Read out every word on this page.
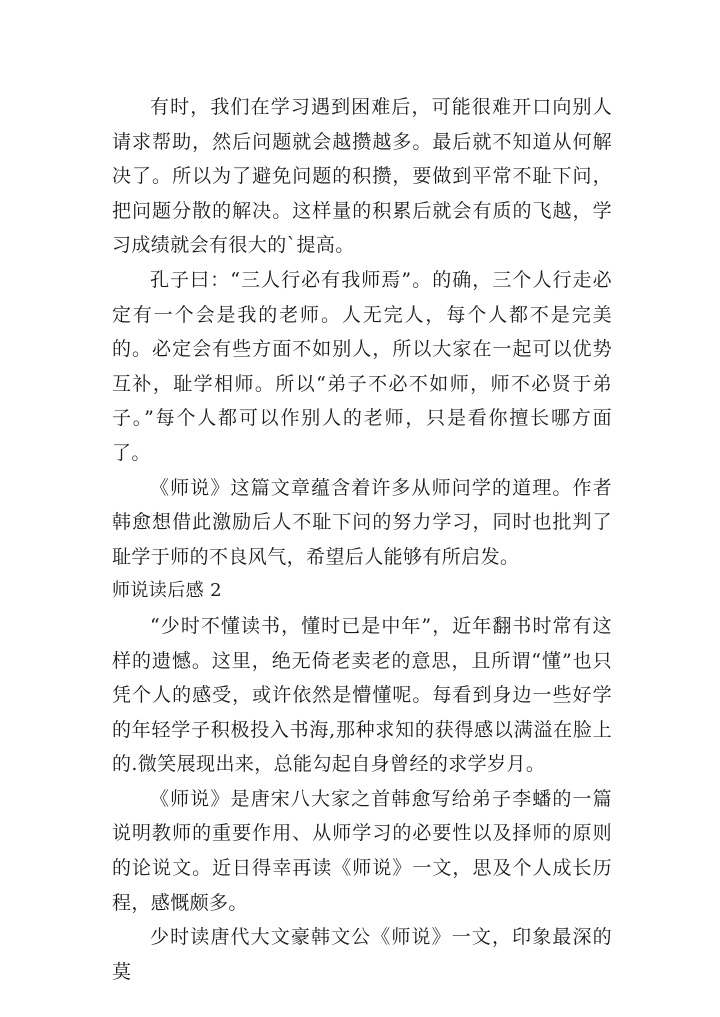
有时，我们在学习遇到困难后，可能很难开口向别人请求帮助，然后问题就会越攒越多。最后就不知道从何解决了。所以为了避免问题的积攒，要做到平常不耻下问，把问题分散的解决。这样量的积累后就会有质的飞越，学习成绩就会有很大的`提高。

孔子曰：“三人行必有我师焉”。的确，三个人行走必定有一个会是我的老师。人无完人，每个人都不是完美的。必定会有些方面不如别人，所以大家在一起可以优势互补，耻学相师。所以“弟子不必不如师，师不必贤于弟子。”每个人都可以作别人的老师，只是看你擅长哪方面了。

《师说》这篇文章蕴含着许多从师问学的道理。作者韩愈想借此激励后人不耻下问的努力学习，同时也批判了耻学于师的不良风气，希望后人能够有所启发。

师说读后感 2

“少时不懂读书，懂时已是中年”，近年翻书时常有这样的遗憾。这里，绝无倚老卖老的意思，且所谓“懂”也只凭个人的感受，或许依然是懵懂呢。每看到身边一些好学的年轻学子积极投入书海,那种求知的获得感以满溢在脸上的.微笑展现出来，总能勾起自身曾经的求学岁月。

《师说》是唐宋八大家之首韩愈写给弟子李蟠的一篇说明教师的重要作用、从师学习的必要性以及择师的原则的论说文。近日得幸再读《师说》一文，思及个人成长历程，感慨颇多。

少时读唐代大文豪韩文公《师说》一文，印象最深的莫
